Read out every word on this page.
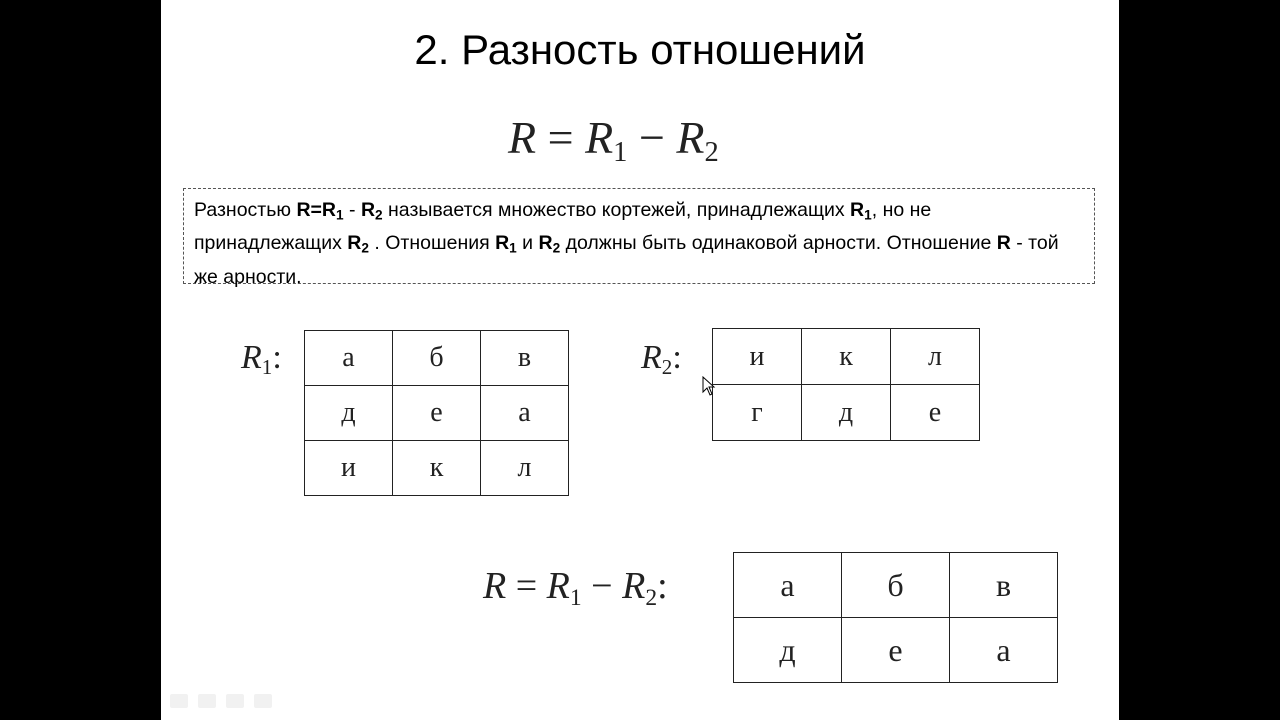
2. Разность отношений
R = R1 − R2
Разностью R=R1 - R2 называется множество кортежей, принадлежащих R1, но не принадлежащих R2 . Отношения R1 и R2 должны быть одинаковой арности. Отношение R - той же арности.
R1: а	б	в
д	е	а
и	к	л
R2: и	к	л
г	д	е
R = R1 − R2:	а	б	в
д	е	а
